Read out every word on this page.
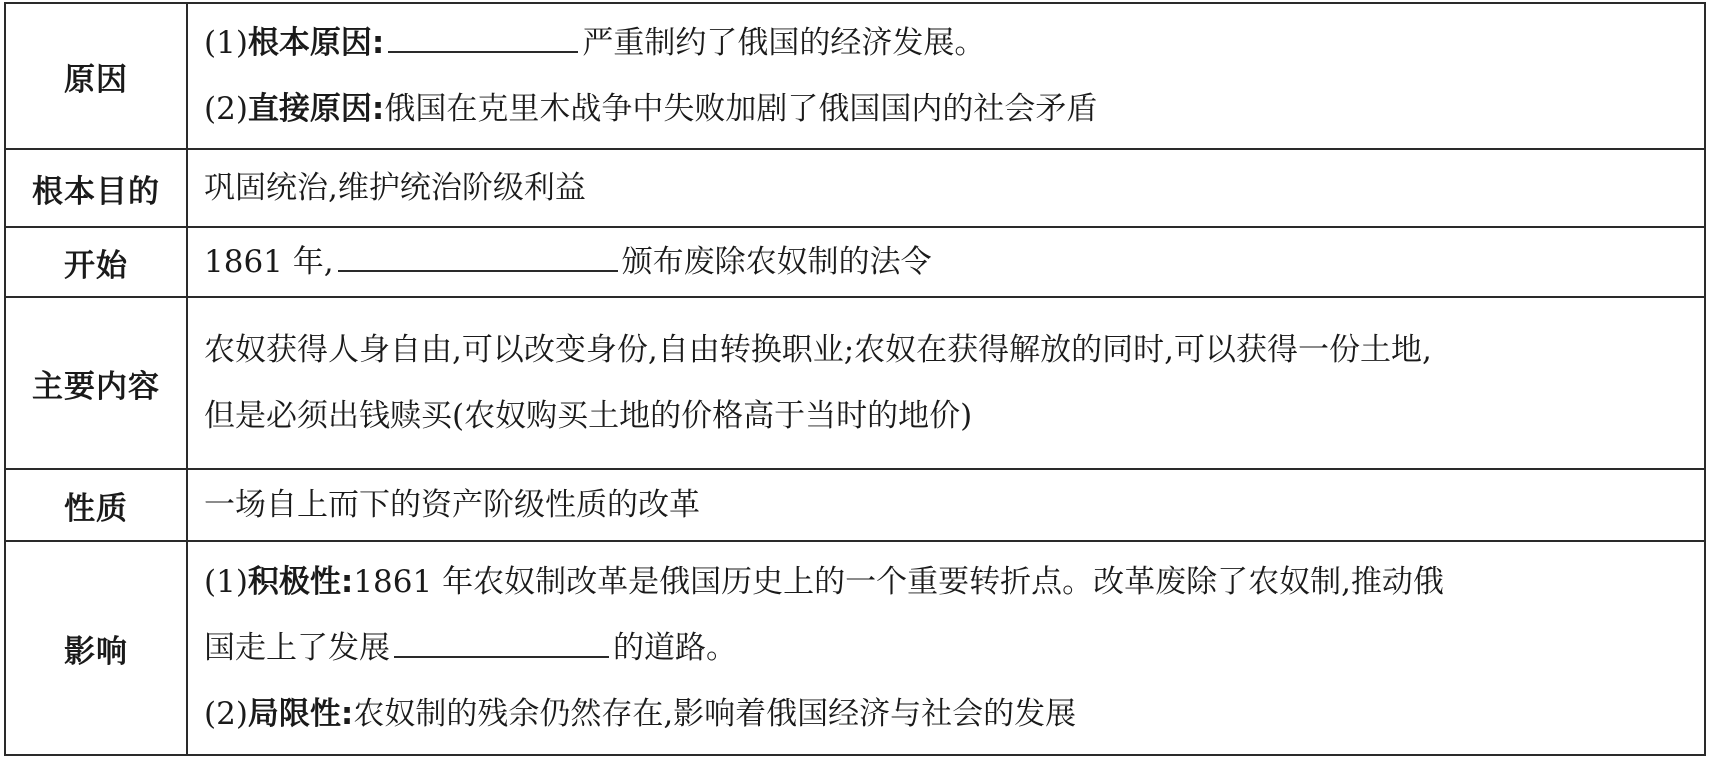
原因	(1)根本原因: 严重制约了俄国的经济发展。
(2)直接原因:俄国在克里木战争中失败加剧了俄国国内的社会矛盾

根本目的	巩固统治,维护统治阶级利益

开始	1861 年, 颁布废除农奴制的法令

主要内容	农奴获得人身自由,可以改变身份,自由转换职业;农奴在获得解放的同时,可以获得一份土地,
但是必须出钱赎买(农奴购买土地的价格高于当时的地价)

性质	一场自上而下的资产阶级性质的改革

影响	(1)积极性:1861 年农奴制改革是俄国历史上的一个重要转折点。改革废除了农奴制,推动俄
国走上了发展 的道路。
(2)局限性:农奴制的残余仍然存在,影响着俄国经济与社会的发展
